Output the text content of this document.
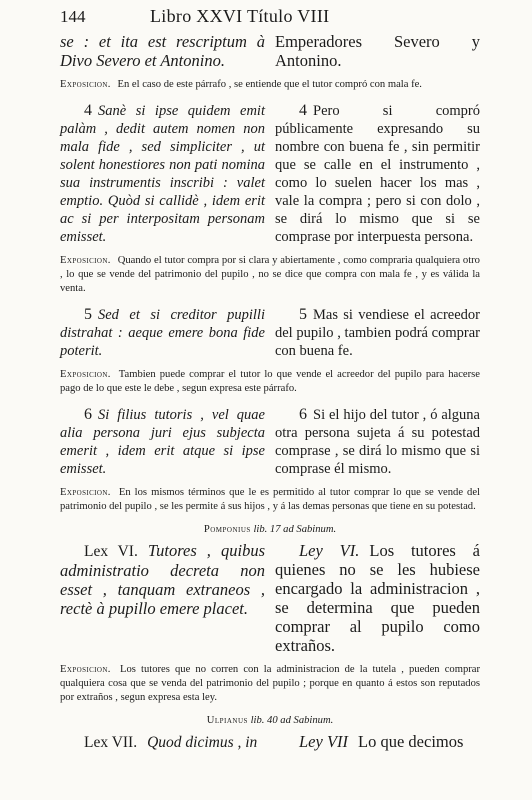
144	Libro XXVI Título VIII
se : et ita est rescriptum à Divo Severo et Antonino.
Emperadores Severo y Antonino.
Exposicion. En el caso de este párrafo , se entiende que el tutor compró con mala fe.
4 Sanè si ipse quidem emit palàm , dedit autem nomen non mala fide , sed simpliciter , ut solent honestiores non pati nomina sua instrumentis inscribi : valet emptio. Quòd si callidè , idem erit ac si per interpositam personam emisset.
4 Pero si compró públicamente expresando su nombre con buena fe , sin permitir que se calle en el instrumento , como lo suelen hacer los mas , vale la compra ; pero si con dolo , se dirá lo mismo que si se comprase por interpuesta persona.
Exposicion. Quando el tutor compra por si clara y abiertamente , como compraria qualquiera otro , lo que se vende del patrimonio del pupilo , no se dice que compra con mala fe , y es válida la venta.
5 Sed et si creditor pupilli distrahat : aeque emere bona fide poterit.
5 Mas si vendiese el acreedor del pupilo , tambien podrá comprar con buena fe.
Exposicion. Tambien puede comprar el tutor lo que vende el acreedor del pupilo para hacerse pago de lo que este le debe , segun expresa este párrafo.
6 Si filius tutoris , vel quae alia persona juri ejus subjecta emerit , idem erit atque si ipse emisset.
6 Si el hijo del tutor , ó alguna otra persona sujeta á su potestad comprase , se dirá lo mismo que si comprase él mismo.
Exposicion. En los mismos términos que le es permitido al tutor comprar lo que se vende del patrimonio del pupilo , se les permite á sus hijos , y á las demas personas que tiene en su potestad.
Pomponius lib. 17 ad Sabinum.
Lex VI. Tutores , quibus administratio decreta non esset , tanquam extraneos , rectè à pupillo emere placet.
Ley VI. Los tutores á quienes no se les hubiese encargado la administracion , se determina que pueden comprar al pupilo como extraños.
Exposicion. Los tutores que no corren con la administracion de la tutela , pueden comprar qualquiera cosa que se venda del patrimonio del pupilo ; porque en quanto á estos son reputados por extraños , segun expresa esta ley.
Ulpianus lib. 40 ad Sabinum.
Lex VII. Quod dicimus , in	Ley VII Lo que decimos
